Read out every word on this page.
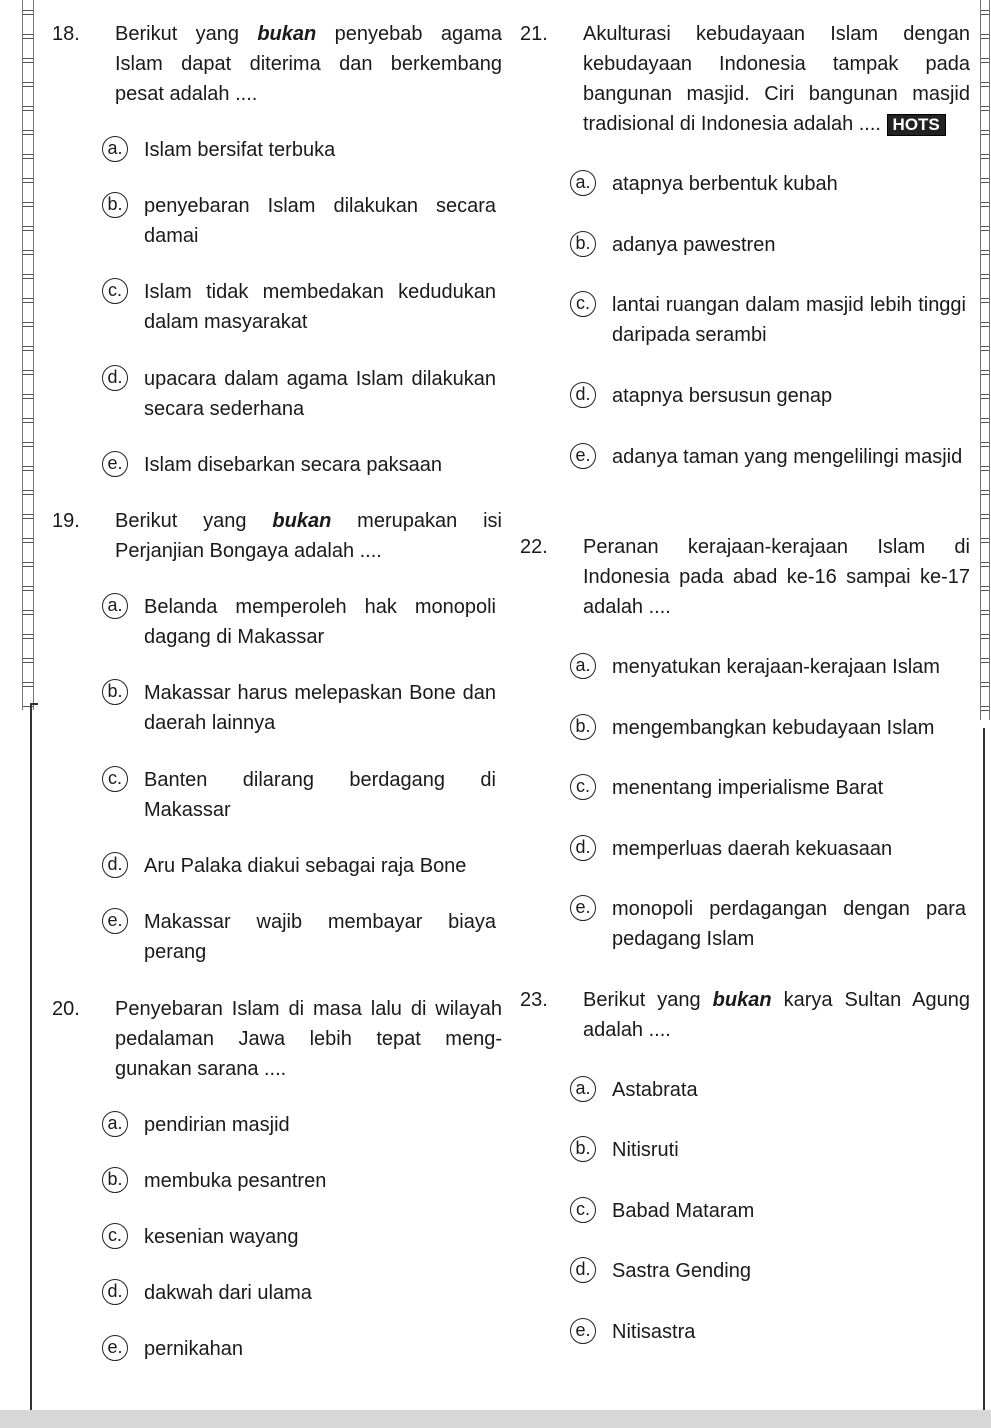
18. Berikut yang bukan penyebab agama Islam dapat diterima dan berkembang pesat adalah ....
a. Islam bersifat terbuka
b. penyebaran Islam dilakukan secara damai
c.	Islam tidak membedakan kedudukan dalam masyarakat
d. upacara dalam agama Islam dilakukan secara sederhana
e. Islam disebarkan secara paksaan
19. Berikut yang bukan merupakan isi Perjanjian Bongaya adalah ....
a. Belanda memperoleh hak monopoli dagang di Makassar
b. Makassar harus melepaskan Bone dan daerah lainnya
c.	Banten dilarang berdagang di Makassar
d. Aru Palaka diakui sebagai raja Bone
e. Makassar wajib membayar biaya perang
20. Penyebaran Islam di masa lalu di wilayah pedalaman Jawa lebih tepat meng-gunakan sarana ....
a. pendirian masjid
b. membuka pesantren
c.	kesenian wayang
d. dakwah dari ulama
e. pernikahan
21. Akulturasi kebudayaan Islam dengan kebudayaan Indonesia tampak pada bangunan masjid. Ciri bangunan masjid tradisional di Indonesia adalah .... HOTS
a. atapnya berbentuk kubah
b. adanya pawestren
c.	lantai ruangan dalam masjid lebih tinggi daripada serambi
d. atapnya bersusun genap
e. adanya taman yang mengelilingi masjid
22. Peranan kerajaan-kerajaan Islam di Indonesia pada abad ke-16 sampai ke-17 adalah ....
a. menyatukan kerajaan-kerajaan Islam
b. mengembangkan kebudayaan Islam
c.	menentang imperialisme Barat
d. memperluas daerah kekuasaan
e. monopoli perdagangan dengan para pedagang Islam
23. Berikut yang bukan karya Sultan Agung adalah ....
a. Astabrata
b. Nitisruti
c.	Babad Mataram
d. Sastra Gending
e. Nitisastra
